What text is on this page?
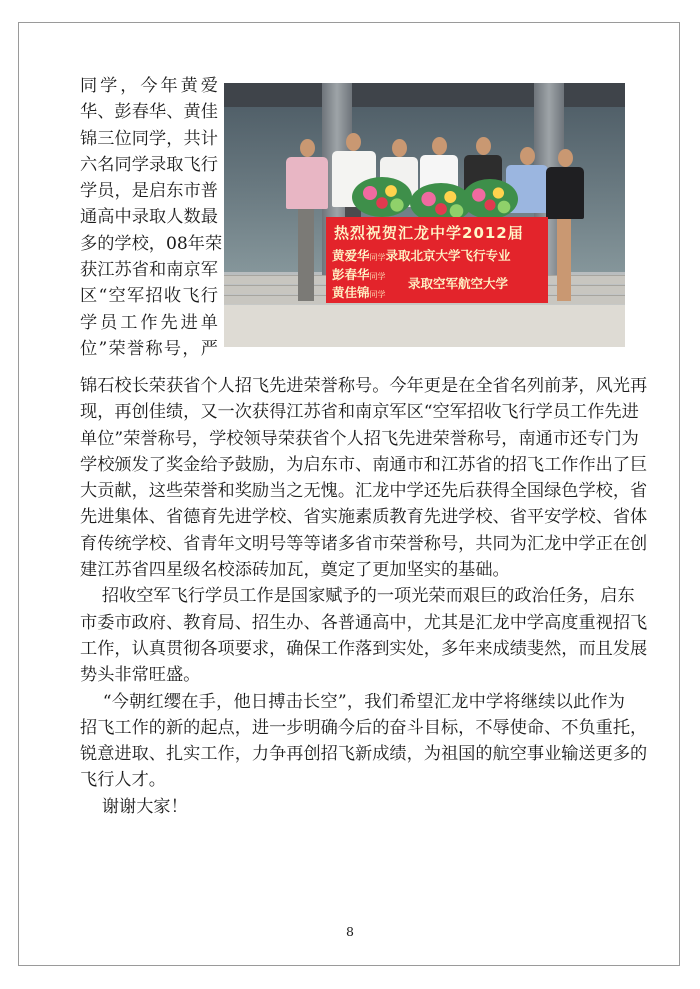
同学，今年黄爱
华、彭春华、黄佳
锦三位同学，共计
六名同学录取飞行
学员，是启东市普
通高中录取人数最
多的学校，08年荣
获江苏省和南京军
区“空军招收飞行
学员工作先进单
位”荣誉称号，严
热烈祝贺汇龙中学2012届
黄爱华同学录取北京大学飞行专业
彭春华同学
黄佳锦同学
录取空军航空大学
锦石校长荣获省个人招飞先进荣誉称号。今年更是在全省名列前茅，风光再
现，再创佳绩，又一次获得江苏省和南京军区“空军招收飞行学员工作先进
单位”荣誉称号，学校领导荣获省个人招飞先进荣誉称号，南通市还专门为
学校颁发了奖金给予鼓励，为启东市、南通市和江苏省的招飞工作作出了巨
大贡献，这些荣誉和奖励当之无愧。汇龙中学还先后获得全国绿色学校，省
先进集体、省德育先进学校、省实施素质教育先进学校、省平安学校、省体
育传统学校、省青年文明号等等诸多省市荣誉称号，共同为汇龙中学正在创
建江苏省四星级名校添砖加瓦，奠定了更加坚实的基础。
招收空军飞行学员工作是国家赋予的一项光荣而艰巨的政治任务，启东
市委市政府、教育局、招生办、各普通高中，尤其是汇龙中学高度重视招飞
工作，认真贯彻各项要求，确保工作落到实处，多年来成绩斐然，而且发展
势头非常旺盛。
“今朝红缨在手，他日搏击长空”，我们希望汇龙中学将继续以此作为
招飞工作的新的起点，进一步明确今后的奋斗目标，不辱使命、不负重托，
锐意进取、扎实工作，力争再创招飞新成绩，为祖国的航空事业输送更多的
飞行人才。
谢谢大家！
8
